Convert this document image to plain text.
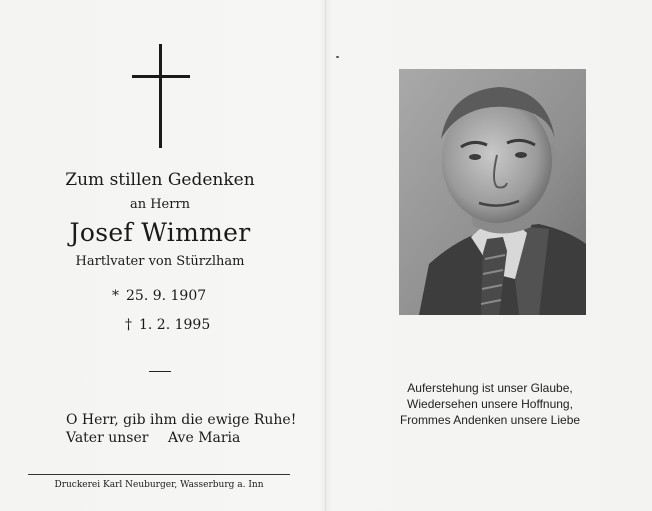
Zum stillen Gedenken
an Herrn
Josef Wimmer
Hartlvater von Stürzlham
* 25. 9. 1907
† 1. 2. 1995
O Herr, gib ihm die ewige Ruhe!
Vater unser Ave Maria
Druckerei Karl Neuburger, Wasserburg a. Inn
Auferstehung ist unser Glaube,
Wiedersehen unsere Hoffnung,
Frommes Andenken unsere Liebe
